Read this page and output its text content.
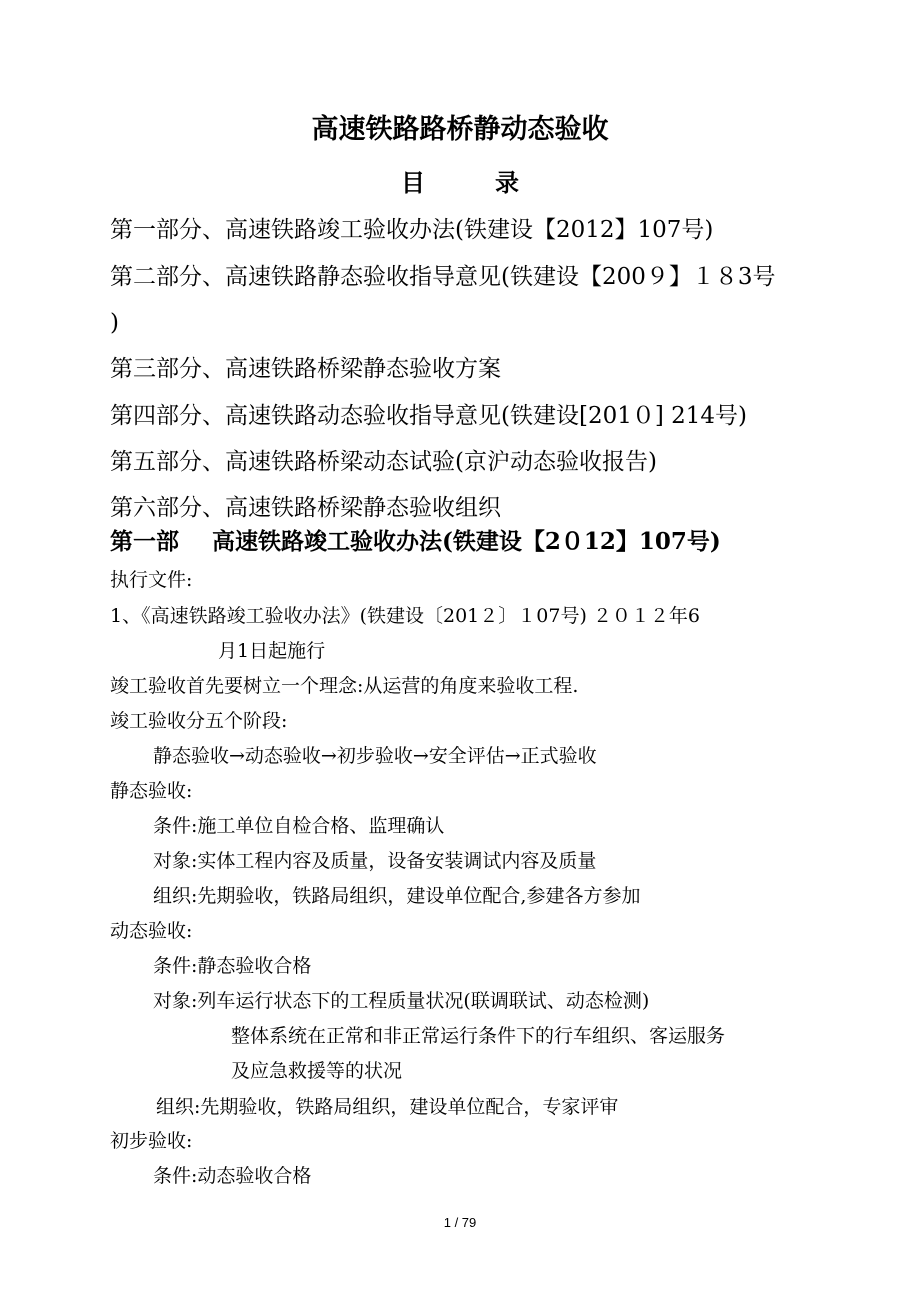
高速铁路路桥静动态验收
目	录
第一部分、高速铁路竣工验收办法(铁建设【2012】107号)
第二部分、高速铁路静态验收指导意见(铁建设【200９】１８3号
)
第三部分、高速铁路桥梁静态验收方案
第四部分、高速铁路动态验收指导意见(铁建设[201０] 214号)
第五部分、高速铁路桥梁动态试验(京沪动态验收报告)
第六部分、高速铁路桥梁静态验收组织
第一部 高速铁路竣工验收办法(铁建设【2０12】107号)
执行文件:
1、《高速铁路竣工验收办法》(铁建设〔201２〕１07号) ２０１２年6
月1日起施行
竣工验收首先要树立一个理念:从运营的角度来验收工程.
竣工验收分五个阶段:
静态验收→动态验收→初步验收→安全评估→正式验收
静态验收:
条件:施工单位自检合格、监理确认
对象:实体工程内容及质量，设备安装调试内容及质量
组织:先期验收，铁路局组织，建设单位配合,参建各方参加
动态验收:
条件:静态验收合格
对象:列车运行状态下的工程质量状况(联调联试、动态检测)
整体系统在正常和非正常运行条件下的行车组织、客运服务
及应急救援等的状况
组织:先期验收，铁路局组织，建设单位配合，专家评审
初步验收:
条件:动态验收合格
1 / 79
